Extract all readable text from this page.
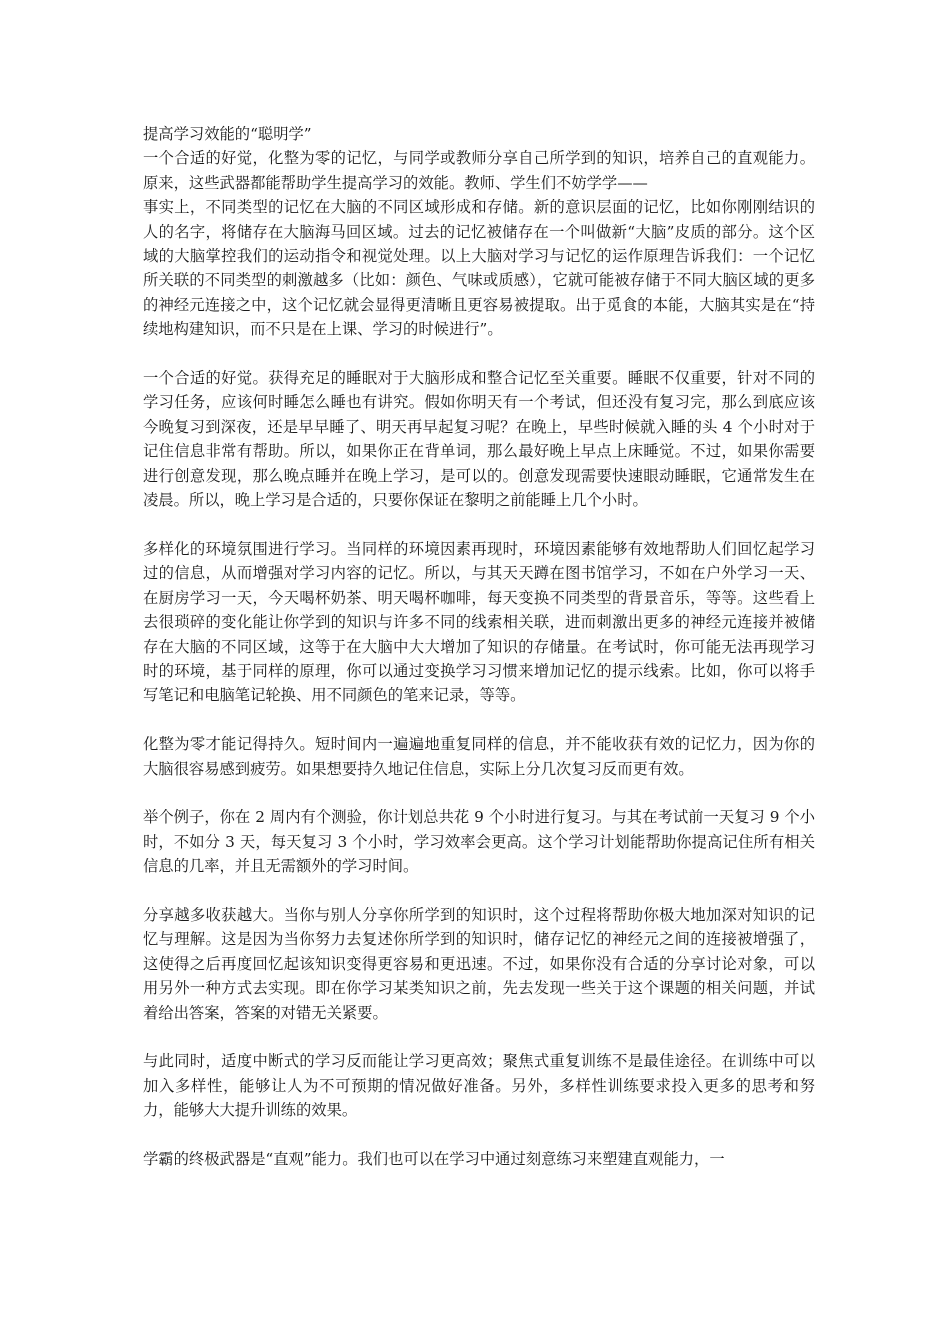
提高学习效能的“聪明学”

一个合适的好觉，化整为零的记忆，与同学或教师分享自己所学到的知识，培养自己的直观能力。原来，这些武器都能帮助学生提高学习的效能。教师、学生们不妨学学——

事实上，不同类型的记忆在大脑的不同区域形成和存储。新的意识层面的记忆，比如你刚刚结识的人的名字，将储存在大脑海马回区域。过去的记忆被储存在一个叫做新“大脑”皮质的部分。这个区域的大脑掌控我们的运动指令和视觉处理。以上大脑对学习与记忆的运作原理告诉我们：一个记忆所关联的不同类型的刺激越多（比如：颜色、气味或质感），它就可能被存储于不同大脑区域的更多的神经元连接之中，这个记忆就会显得更清晰且更容易被提取。出于觅食的本能，大脑其实是在“持续地构建知识，而不只是在上课、学习的时候进行”。

一个合适的好觉。获得充足的睡眠对于大脑形成和整合记忆至关重要。睡眠不仅重要，针对不同的学习任务，应该何时睡怎么睡也有讲究。假如你明天有一个考试，但还没有复习完，那么到底应该今晚复习到深夜，还是早早睡了、明天再早起复习呢？在晚上，早些时候就入睡的头 4 个小时对于记住信息非常有帮助。所以，如果你正在背单词，那么最好晚上早点上床睡觉。不过，如果你需要进行创意发现，那么晚点睡并在晚上学习，是可以的。创意发现需要快速眼动睡眠，它通常发生在凌晨。所以，晚上学习是合适的，只要你保证在黎明之前能睡上几个小时。

多样化的环境氛围进行学习。当同样的环境因素再现时，环境因素能够有效地帮助人们回忆起学习过的信息，从而增强对学习内容的记忆。所以，与其天天蹲在图书馆学习，不如在户外学习一天、在厨房学习一天，今天喝杯奶茶、明天喝杯咖啡，每天变换不同类型的背景音乐，等等。这些看上去很琐碎的变化能让你学到的知识与许多不同的线索相关联，进而刺激出更多的神经元连接并被储存在大脑的不同区域，这等于在大脑中大大增加了知识的存储量。在考试时，你可能无法再现学习时的环境，基于同样的原理，你可以通过变换学习习惯来增加记忆的提示线索。比如，你可以将手写笔记和电脑笔记轮换、用不同颜色的笔来记录，等等。

化整为零才能记得持久。短时间内一遍遍地重复同样的信息，并不能收获有效的记忆力，因为你的大脑很容易感到疲劳。如果想要持久地记住信息，实际上分几次复习反而更有效。

举个例子，你在 2 周内有个测验，你计划总共花 9 个小时进行复习。与其在考试前一天复习 9 个小时，不如分 3 天，每天复习 3 个小时，学习效率会更高。这个学习计划能帮助你提高记住所有相关信息的几率，并且无需额外的学习时间。

分享越多收获越大。当你与别人分享你所学到的知识时，这个过程将帮助你极大地加深对知识的记忆与理解。这是因为当你努力去复述你所学到的知识时，储存记忆的神经元之间的连接被增强了，这使得之后再度回忆起该知识变得更容易和更迅速。不过，如果你没有合适的分享讨论对象，可以用另外一种方式去实现。即在你学习某类知识之前，先去发现一些关于这个课题的相关问题，并试着给出答案，答案的对错无关紧要。

与此同时，适度中断式的学习反而能让学习更高效；聚焦式重复训练不是最佳途径。在训练中可以加入多样性，能够让人为不可预期的情况做好准备。另外，多样性训练要求投入更多的思考和努力，能够大大提升训练的效果。

学霸的终极武器是“直观”能力。我们也可以在学习中通过刻意练习来塑建直观能力，一
